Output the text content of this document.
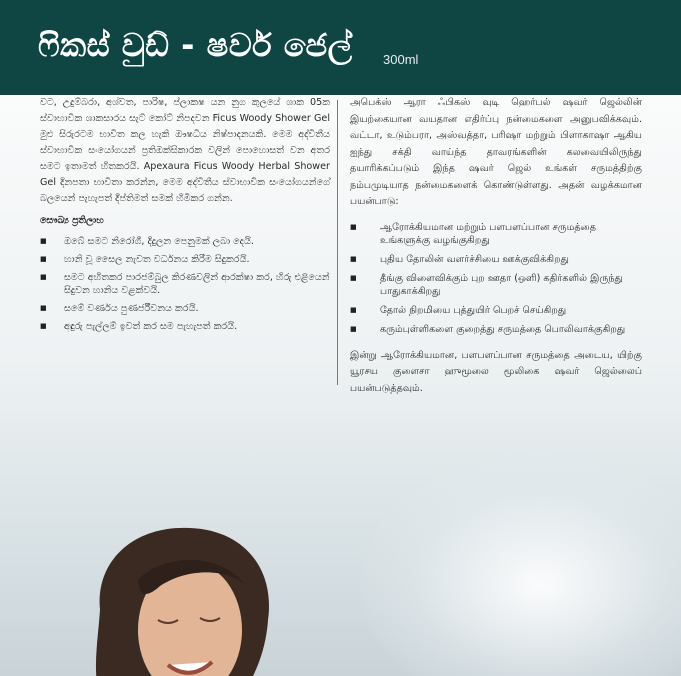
ෆිකස් වුඩ් - ෂවර් ජෙල් 300ml

වට, උදුම්බරා, අශ්වත, පාරිෂ, ප්ලාකෂ යන නුග කුලයේ ශාක 05ක ස්වාභාවික ශාකසාරය සැට් කෝට් නිපදවන Ficus Woody Shower Gel මුළු සිරුරටම භාවිත කල හැකි ඖෂධීය නිෂ්පාදනයකි. මෙම අද්විතීය ස්වාභාවික සංයෝගයන් ප්‍රතිඔක්සිකාරක වලින් පොහොසත් වන අතර සමට ඉතාමත් හිතකරයි. Apexaura Ficus Woody Herbal Shower Gel දිනපතා භාවිතා කරන්න, මෙම අද්විතීය ස්වාභාවික සංයෝගයන්ගේ බලයෙන් පැහැපත් දීප්තිමත් සමක් හිමිකර ගන්න.

සෞඛ්‍ය ප්‍රතිලාභ
■ ඔබේ සමට නිරෝගී, දිදුලන පෙනුමක් ලබා දෙයි.
■ හානි වූ සෛල නැවත වර්ධනය කිරීම සිදුකරයි.
■ සමට අහිතකර පාරජම්බුල කිරණවලින් ආරක්ෂා කර, හිරු එළියෙන් සිදුවන හානිය වළක්වයි.
■ සමේ වර්ණය පුණර්ජීවනය කරයි.
■ අඳුරු පැල්ලම් ඉවත් කර සම පැහැපත් කරයි.

அபெக்ஸ் ஆரா ஃபிகஸ் வுடி ஹெர்பல் ஷவர் ஜெல்லின் இயற்கையான வயதான எதிர்ப்பு நன்மைகளை அனுபவிக்கவும். வட்டா, உடும்பரா, அஸ்வத்தா, பரிஷா மற்றும் பிளாகாஷா ஆகிய ஐந்து சக்தி வாய்ந்த தாவரங்களின் கலவையிலிருந்து தயாரிக்கப்படும் இந்த ஷவர் ஜெல் உங்கள் சருமத்திற்கு நம்பமுடியாத நன்மைகளைக் கொண்டுள்ளது. அதன் வழக்கமான பயன்பாடு:

■ ஆரோக்கியமான மற்றும் பளபளப்பான சருமத்தை உங்களுக்கு வழங்குகிறது
■ புதிய தோலின் வளர்ச்சியை ஊக்குவிக்கிறது
■ தீங்கு விளைவிக்கும் புற ஊதா (ஒளி) கதிர்களில் இருந்து பாதுகாக்கிறது
■ தோல் நிறமியை புத்துயிர் பெறச் செய்கிறது
■ கரும்புள்ளிகளை குறைத்து சருமத்தை பொலிவாக்குகிறது

இன்று ஆரோக்கியமான, பளபளப்பான சருமத்தை அடைய, யிற்கு யூரசய குளைசா ஹுமூலை மூலிகை ஷவர் ஜெல்லைப் பயன்படுத்தவும்.
